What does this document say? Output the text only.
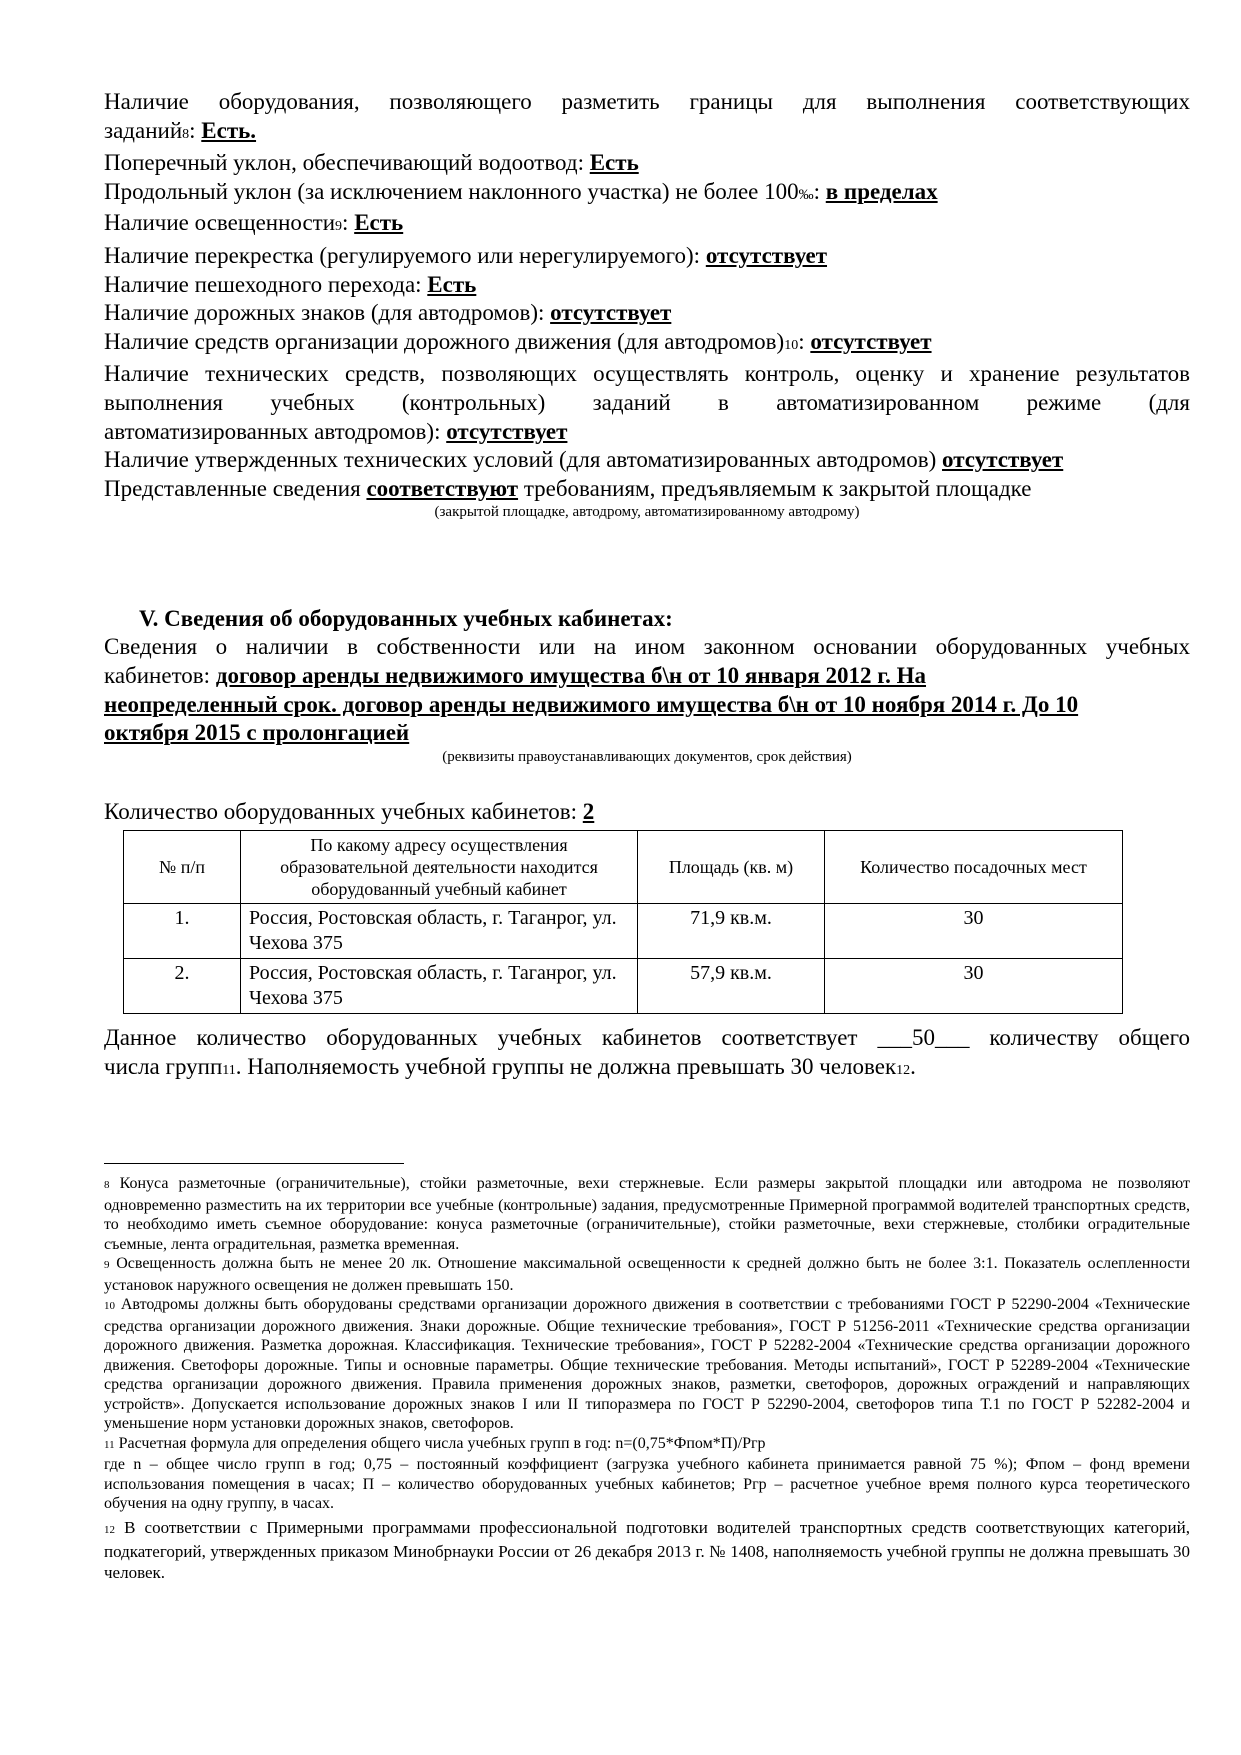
Наличие оборудования, позволяющего разметить границы для выполнения соответствующих
заданий8: Есть.
Поперечный уклон, обеспечивающий водоотвод: Есть
Продольный уклон (за исключением наклонного участка) не более 100‰: в пределах
Наличие освещенности9: Есть
Наличие перекрестка (регулируемого или нерегулируемого): отсутствует
Наличие пешеходного перехода: Есть
Наличие дорожных знаков (для автодромов): отсутствует
Наличие средств организации дорожного движения (для автодромов)10: отсутствует
Наличие технических средств, позволяющих осуществлять контроль, оценку и хранение результатов
выполнения учебных (контрольных) заданий в автоматизированном режиме (для
автоматизированных автодромов): отсутствует
Наличие утвержденных технических условий (для автоматизированных автодромов) отсутствует
Представленные сведения соответствуют требованиям, предъявляемым к закрытой площадке
(закрытой площадке, автодрому, автоматизированному автодрому)
V. Сведения об оборудованных учебных кабинетах:
Сведения о наличии в собственности или на ином законном основании оборудованных учебных
кабинетов: договор аренды недвижимого имущества б\н от 10 января 2012 г. На
неопределенный срок. договор аренды недвижимого имущества б\н от 10 ноября 2014 г. До 10
октября 2015 с пролонгацией
(реквизиты правоустанавливающих документов, срок действия)
Количество оборудованных учебных кабинетов: 2
№ п/п	По какому адресу осуществления образовательной деятельности находится оборудованный учебный кабинет	Площадь (кв. м)	Количество посадочных мест
1.	Россия, Ростовская область, г. Таганрог, ул. Чехова 375	71,9 кв.м.	30
2.	Россия, Ростовская область, г. Таганрог, ул. Чехова 375	57,9 кв.м.	30
Данное количество оборудованных учебных кабинетов соответствует ___50___ количеству общего
числа групп11. Наполняемость учебной группы не должна превышать 30 человек12.
8 Конуса разметочные (ограничительные), стойки разметочные, вехи стержневые. Если размеры закрытой площадки или автодрома не позволяют одновременно разместить на их территории все учебные (контрольные) задания, предусмотренные Примерной программой водителей транспортных средств, то необходимо иметь съемное оборудование: конуса разметочные (ограничительные), стойки разметочные, вехи стержневые, столбики оградительные съемные, лента оградительная, разметка временная.
9 Освещенность должна быть не менее 20 лк. Отношение максимальной освещенности к средней должно быть не более 3:1. Показатель ослепленности установок наружного освещения не должен превышать 150.
10 Автодромы должны быть оборудованы средствами организации дорожного движения в соответствии с требованиями ГОСТ Р 52290-2004 «Технические средства организации дорожного движения. Знаки дорожные. Общие технические требования», ГОСТ Р 51256-2011 «Технические средства организации дорожного движения. Разметка дорожная. Классификация. Технические требования», ГОСТ Р 52282-2004 «Технические средства организации дорожного движения. Светофоры дорожные. Типы и основные параметры. Общие технические требования. Методы испытаний», ГОСТ Р 52289-2004 «Технические средства организации дорожного движения. Правила применения дорожных знаков, разметки, светофоров, дорожных ограждений и направляющих устройств». Допускается использование дорожных знаков I или II типоразмера по ГОСТ Р 52290-2004, светофоров типа Т.1 по ГОСТ Р 52282-2004 и уменьшение норм установки дорожных знаков, светофоров.
11 Расчетная формула для определения общего числа учебных групп в год: n=(0,75*Фпом*П)/Ргр
где n – общее число групп в год; 0,75 – постоянный коэффициент (загрузка учебного кабинета принимается равной 75 %); Фпом – фонд времени использования помещения в часах; П – количество оборудованных учебных кабинетов; Pгр – расчетное учебное время полного курса теоретического обучения на одну группу, в часах.
12 В соответствии с Примерными программами профессиональной подготовки водителей транспортных средств соответствующих категорий, подкатегорий, утвержденных приказом Минобрнауки России от 26 декабря 2013 г. № 1408, наполняемость учебной группы не должна превышать 30 человек.
